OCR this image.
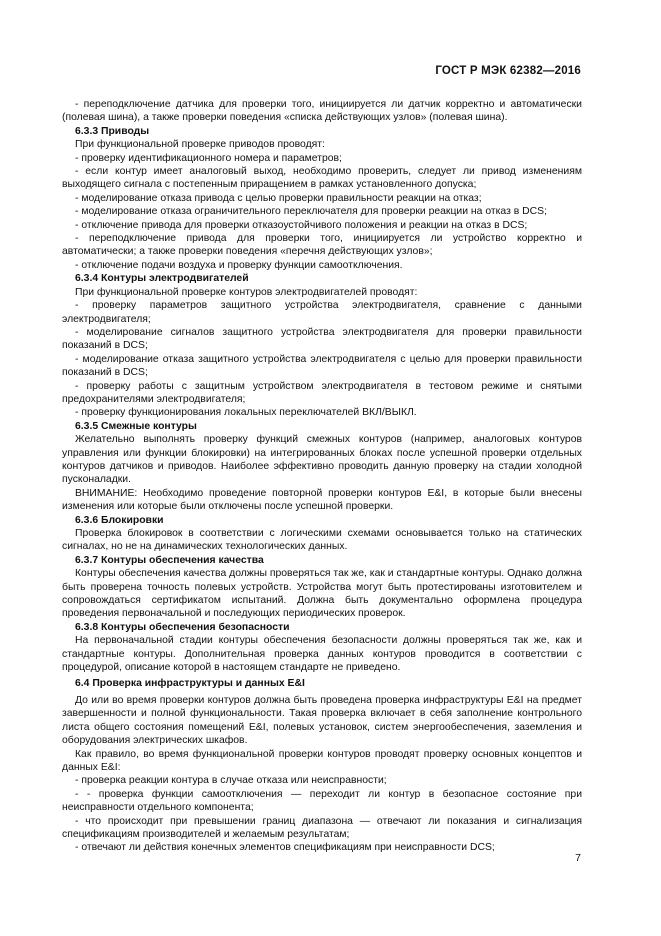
ГОСТ Р МЭК 62382—2016

- переподключение датчика для проверки того, инициируется ли датчик корректно и автоматически (полевая шина), а также проверки поведения «списка действующих узлов» (полевая шина).

6.3.3 Приводы

При функциональной проверке приводов проводят:

- проверку идентификационного номера и параметров;

- если контур имеет аналоговый выход, необходимо проверить, следует ли привод изменениям выходящего сигнала с постепенным приращением в рамках установленного допуска;

- моделирование отказа привода с целью проверки правильности реакции на отказ;

- моделирование отказа ограничительного переключателя для проверки реакции на отказ в DCS;

- отключение привода для проверки отказоустойчивого положения и реакции на отказ в DCS;

- переподключение привода для проверки того, инициируется ли устройство корректно и автоматически; а также проверки поведения «перечня действующих узлов»;

- отключение подачи воздуха и проверку функции самоотключения.

6.3.4 Контуры электродвигателей

При функциональной проверке контуров электродвигателей проводят:

- проверку параметров защитного устройства электродвигателя, сравнение с данными электродвигателя;

- моделирование сигналов защитного устройства электродвигателя для проверки правильности показаний в DCS;

- моделирование отказа защитного устройства электродвигателя с целью для проверки правильности показаний в DCS;

- проверку работы с защитным устройством электродвигателя в тестовом режиме и снятыми предохранителями электродвигателя;

- проверку функционирования локальных переключателей ВКЛ/ВЫКЛ.

6.3.5 Смежные контуры

Желательно выполнять проверку функций смежных контуров (например, аналоговых контуров управления или функции блокировки) на интегрированных блоках после успешной проверки отдельных контуров датчиков и приводов. Наиболее эффективно проводить данную проверку на стадии холодной пусконаладки.

ВНИМАНИЕ: Необходимо проведение повторной проверки контуров E&I, в которые были внесены изменения или которые были отключены после успешной проверки.

6.3.6 Блокировки

Проверка блокировок в соответствии с логическими схемами основывается только на статических сигналах, но не на динамических технологических данных.

6.3.7 Контуры обеспечения качества

Контуры обеспечения качества должны проверяться так же, как и стандартные контуры. Однако должна быть проверена точность полевых устройств. Устройства могут быть протестированы изготовителем и сопровождаться сертификатом испытаний. Должна быть документально оформлена процедура проведения первоначальной и последующих периодических проверок.

6.3.8 Контуры обеспечения безопасности

На первоначальной стадии контуры обеспечения безопасности должны проверяться так же, как и стандартные контуры. Дополнительная проверка данных контуров проводится в соответствии с процедурой, описание которой в настоящем стандарте не приведено.

6.4 Проверка инфраструктуры и данных E&I

До или во время проверки контуров должна быть проведена проверка инфраструктуры E&I на предмет завершенности и полной функциональности. Такая проверка включает в себя заполнение контрольного листа общего состояния помещений E&I, полевых установок, систем энергообеспечения, заземления и оборудования электрических шкафов.

Как правило, во время функциональной проверки контуров проводят проверку основных концептов и данных E&I:

- проверка реакции контура в случае отказа или неисправности;

- - проверка функции самоотключения — переходит ли контур в безопасное состояние при неисправности отдельного компонента;

- что происходит при превышении границ диапазона — отвечают ли показания и сигнализация спецификациям производителей и желаемым результатам;

- отвечают ли действия конечных элементов спецификациям при неисправности DCS;

7
